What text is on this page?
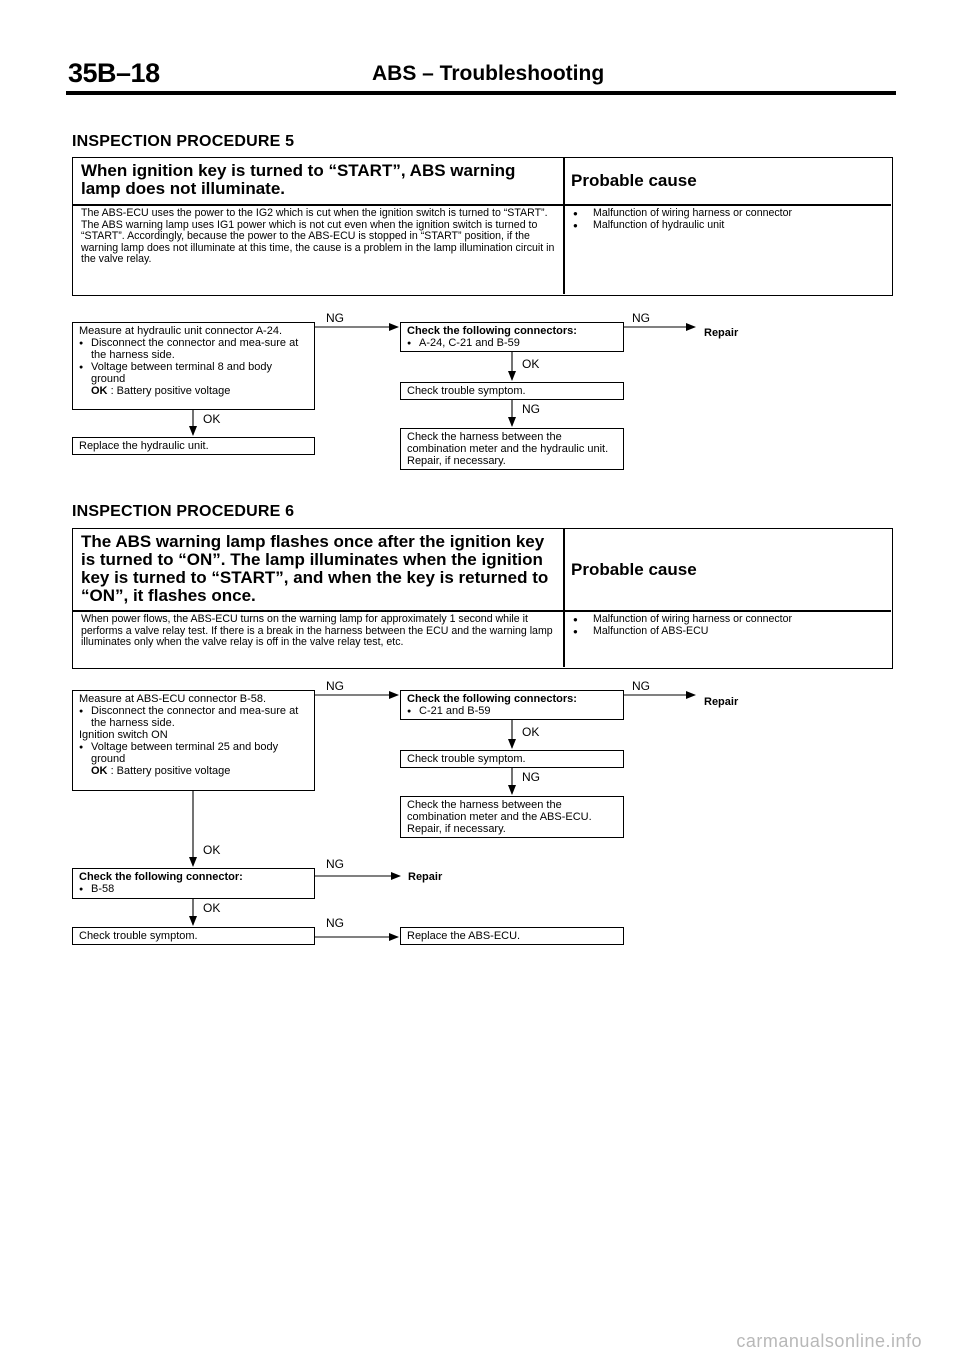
35B–18	ABS – Troubleshooting
INSPECTION PROCEDURE 5
When ignition key is turned to “START”, ABS warning lamp does not illuminate.	Probable cause
The ABS-ECU uses the power to the IG2 which is cut when the ignition switch is turned to “START”. The ABS warning lamp uses IG1 power which is not cut even when the ignition switch is turned to “START”. Accordingly, because the power to the ABS-ECU is stopped in “START” position, if the warning lamp does not illuminate at this time, the cause is a problem in the lamp illumination circuit in the valve relay.
● Malfunction of wiring harness or connector
● Malfunction of hydraulic unit
Measure at hydraulic unit connector A-24.
● Disconnect the connector and mea-sure at the harness side.
● Voltage between terminal 8 and body ground
OK : Battery positive voltage
Check the following connectors:
● A-24, C-21 and B-59
Check trouble symptom.
Check the harness between the combination meter and the hydraulic unit. Repair, if necessary.
Replace the hydraulic unit.
Repair
NG	NG
OK
NG
OK
INSPECTION PROCEDURE 6
The ABS warning lamp flashes once after the ignition key is turned to “ON”. The lamp illuminates when the ignition key is turned to “START”, and when the key is returned to “ON”, it flashes once.
Probable cause
When power flows, the ABS-ECU turns on the warning lamp for approximately 1 second while it performs a valve relay test. If there is a break in the harness between the ECU and the warning lamp illuminates only when the valve relay is off in the valve relay test, etc.
● Malfunction of wiring harness or connector
● Malfunction of ABS-ECU
Measure at ABS-ECU connector B-58.
● Disconnect the connector and mea-sure at the harness side.
Ignition switch ON
● Voltage between terminal 25 and body ground
OK : Battery positive voltage
Check the following connectors:
● C-21 and B-59
Check trouble symptom.
Check the harness between the combination meter and the ABS-ECU. Repair, if necessary.
Check the following connector:
● B-58
Check trouble symptom.	Replace the ABS-ECU.
Repair
Repair
NG	NG
OK
NG
OK
NG
OK
NG
carmanualsonline.info
